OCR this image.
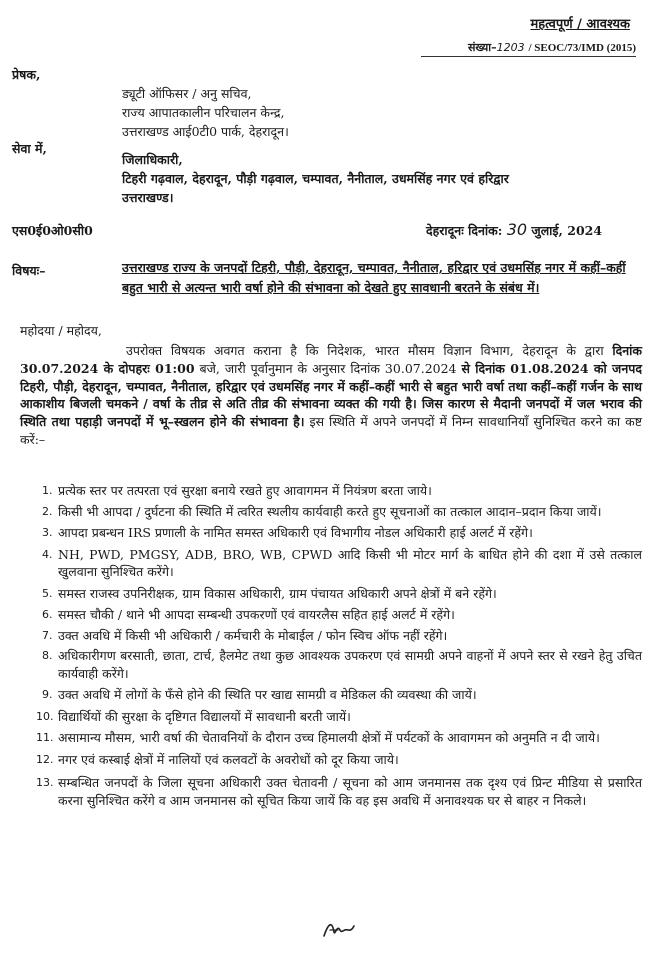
महत्वपूर्ण / आवश्यक
संख्या–1203 / SEOC/73/IMD (2015)
प्रेषक,
ड्यूटी ऑफिसर / अनु सचिव,
राज्य आपातकालीन परिचालन केन्द्र,
उत्तराखण्ड आई0टी0 पार्क, देहरादून।
सेवा में,
जिलाधिकारी,
टिहरी गढ़वाल, देहरादून, पौड़ी गढ़वाल, चम्पावत, नैनीताल, उधमसिंह नगर एवं हरिद्वार
उत्तराखण्ड।
एस0ई0ओ0सी0	देहरादूनः दिनांक: 30 जुलाई, 2024
विषयः–	उत्तराखण्ड राज्य के जनपदों टिहरी, पौड़ी, देहरादून, चम्पावत, नैनीताल, हरिद्वार एवं उधमसिंह नगर में कहीं–कहीं बहुत भारी से अत्यन्त भारी वर्षा होने की संभावना को देखते हुए सावधानी बरतने के संबंध में।
महोदया / महोदय,
उपरोक्त विषयक अवगत कराना है कि निदेशक, भारत मौसम विज्ञान विभाग, देहरादून के द्वारा दिनांक 30.07.2024 के दोपहरः 01:00 बजे, जारी पूर्वानुमान के अनुसार दिनांक 30.07.2024 से दिनांक 01.08.2024 को जनपद टिहरी, पौड़ी, देहरादून, चम्पावत, नैनीताल, हरिद्वार एवं उधमसिंह नगर में कहीं–कहीं भारी से बहुत भारी वर्षा तथा कहीं–कहीं गर्जन के साथ आकाशीय बिजली चमकने / वर्षा के तीव्र से अति तीव्र की संभावना व्यक्त की गयी है। जिस कारण से मैदानी जनपदों में जल भराव की स्थिति तथा पहाड़ी जनपदों में भू–स्खलन होने की संभावना है। इस स्थिति में अपने जनपदों में निम्न सावधानियाँ सुनिश्चित करने का कष्ट करें:–
1. प्रत्येक स्तर पर तत्परता एवं सुरक्षा बनाये रखते हुए आवागमन में नियंत्रण बरता जाये।
2. किसी भी आपदा / दुर्घटना की स्थिति में त्वरित स्थलीय कार्यवाही करते हुए सूचनाओं का तत्काल आदान–प्रदान किया जायें।
3. आपदा प्रबन्धन IRS प्रणाली के नामित समस्त अधिकारी एवं विभागीय नोडल अधिकारी हाई अलर्ट में रहेंगे।
4. NH, PWD, PMGSY, ADB, BRO, WB, CPWD आदि किसी भी मोटर मार्ग के बाधित होने की दशा में उसे तत्काल खुलवाना सुनिश्चित करेंगे।
5. समस्त राजस्व उपनिरीक्षक, ग्राम विकास अधिकारी, ग्राम पंचायत अधिकारी अपने क्षेत्रों में बने रहेंगे।
6. समस्त चौकी / थाने भी आपदा सम्बन्धी उपकरणों एवं वायरलैस सहित हाई अलर्ट में रहेंगे।
7. उक्त अवधि में किसी भी अधिकारी / कर्मचारी के मोबाईल / फोन स्विच ऑफ नहीं रहेंगे।
8. अधिकारीगण बरसाती, छाता, टार्च, हैलमेट तथा कुछ आवश्यक उपकरण एवं सामग्री अपने वाहनों में अपने स्तर से रखने हेतु उचित कार्यवाही करेंगे।
9. उक्त अवधि में लोगों के फँसे होने की स्थिति पर खाद्य सामग्री व मेडिकल की व्यवस्था की जायें।
10. विद्यार्थियों की सुरक्षा के दृष्टिगत विद्यालयों में सावधानी बरती जायें।
11. असामान्य मौसम, भारी वर्षा की चेतावनियों के दौरान उच्च हिमालयी क्षेत्रों में पर्यटकों के आवागमन को अनुमति न दी जाये।
12. नगर एवं कस्बाई क्षेत्रों में नालियों एवं कलवटों के अवरोधों को दूर किया जाये।
13. सम्बन्धित जनपदों के जिला सूचना अधिकारी उक्त चेतावनी / सूचना को आम जनमानस तक दृश्य एवं प्रिन्ट मीडिया से प्रसारित करना सुनिश्चित करेंगे व आम जनमानस को सूचित किया जायें कि वह इस अवधि में अनावश्यक घर से बाहर न निकले।
